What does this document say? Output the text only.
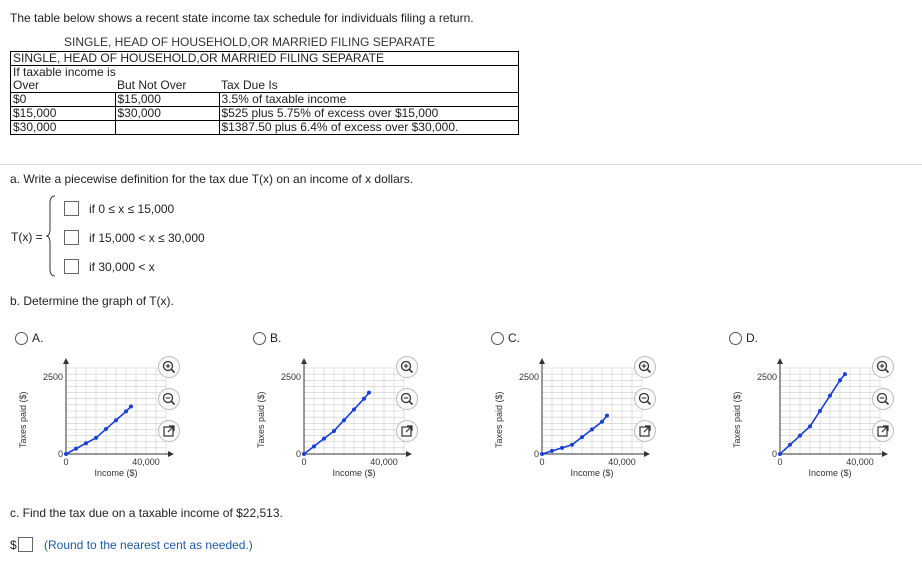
The table below shows a recent state income tax schedule for individuals filing a return.
SINGLE, HEAD OF HOUSEHOLD,OR MARRIED FILING SEPARATE
SINGLE, HEAD OF HOUSEHOLD,OR MARRIED FILING SEPARATE		
If taxable income is		
Over	But Not Over	Tax Due Is
$0	$15,000	3.5% of taxable income
$15,000	$30,000	$525 plus 5.75% of excess over $15,000
$30,000		$1387.50 plus 6.4% of excess over $30,000.
a. Write a piecewise definition for the tax due T(x) on an income of x dollars.
T(x) =
if 0 ≤ x ≤ 15,000
if 15,000 < x ≤ 30,000
if 30,000 < x
b. Determine the graph of T(x).
A.
Taxes paid ($)
2500
0
0	40,000
Income ($)
B.
Taxes paid ($)
2500
0
0	40,000
Income ($)
C.
Taxes paid ($)
2500
0
0	40,000
Income ($)
D.
Taxes paid ($)
2500
0
0	40,000
Income ($)
c. Find the tax due on a taxable income of $22,513.
$ (Round to the nearest cent as needed.)
